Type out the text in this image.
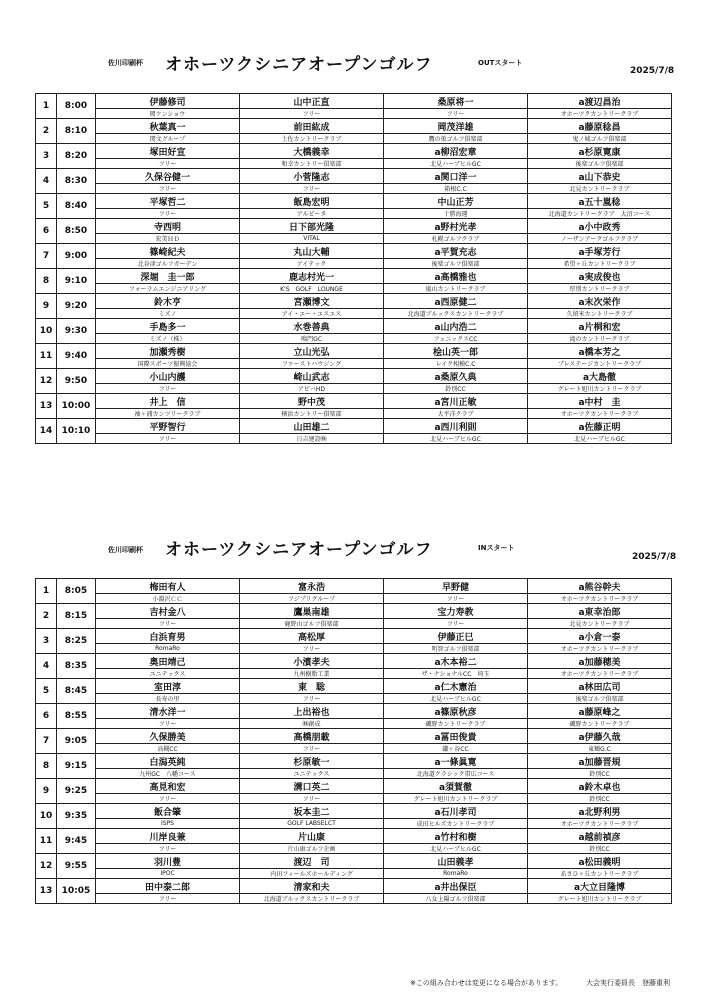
佐川印刷杯 オホーツクシニアオープンゴルフ	OUTスタート
2025/7/8
1	8:00	伊藤修司	山中正直	桑原将一	a渡辺昌治
		岡ケンショウ	フリー	フリー	オホーツクカントリークラブ
2	8:10	秋葉真一	前田紘成	岡茂洋雄	a藤原稔昌
		関文グループ	土佐カントリークラブ	鷹の巣ゴルフ倶楽部	鬼ノ城ゴルフ倶楽部
3	8:20	塚田好宣	大橋義幸	a柳沼宏章	a杉原寛康
		フリー	和幸カントリー倶楽部	北見ハーブヒルGC	後楽ゴルフ倶楽部
4	8:30	久保谷健一	小菅隆志	a関口洋一	a山下恭史
		フリー	フリー	箱根C.C	北見カントリークラブ
5	8:40	平塚哲二	飯島宏明	中山正芳	a五十嵐稔
		フリー	アルビータ	十勝海運	北海道カントリークラブ　大沼コース
6	8:50	寺西明	日下部光隆	a野村光孝	a小中政秀
		宏美ＨＤ	VITAL	札幌ゴルフクラブ	ノーザンアークゴルフクラブ
7	9:00	篠崎紀夫	丸山大輔	a平賀充志	a手塚芳行
		北谷津ゴルフガーデン	アイテック	後楽ゴルフ倶楽部	希望ヶ丘カントリークラブ
8	9:10	深堀　圭一郎	鹿志村光一	a高橋雅也	a実成俊也
		フォーラムエンジニアリング	K'S　GOLF　LOUNGE	嵐山カントリークラブ	厚別カントリークラブ
9	9:20	鈴木亨	宮瀬博文	a西原健二	a末次栄作
		ミズノ	アイ・エー・エスエス	北海道ブルックスカントリークラブ	久留米カントリークラブ
10	9:30	手島多一	水巻善典	a山内浩二	a片桐和宏
		ミズノ（株）	鳴門GC	フェニックスCC	滝のカントリークラブ
11	9:40	加瀬秀樹	立山光弘	桧山英一郎	a橋本芳之
		国際スポーツ振興協会	ファーストハウジング	レイク相模C.C	プレステージカントリークラブ
12	9:50	小山内護	崎山武志	a桑原久典	a大島徹
		フリー	アビバHD	鈴別CC	グレート旭川カントリークラブ
13	10:00	井上　信	野中茂	a宮川正敏	a中村　圭
		袖ヶ浦カンツリークラブ	横浜カントリー倶楽部	大平洋クラブ	オホーツクカントリークラブ
14	10:10	平野智行	山田雄二	a西川利則	a佐藤正明
		フリー	日吉建設㈱	北見ハーブヒルGC	北見ハーブヒルGC
佐川印刷杯 オホーツクシニアオープンゴルフ	INスタート
2025/7/8
1	8:05	梅田有人	富永浩	早野健	a熊谷幹夫
		小淵沢ＣＣ	フジプリグループ	フリー	オホーツクカントリークラブ
2	8:15	吉村金八	鷹巣南雄	宝力寿教	a東幸治郎
		フリー	鹿野山ゴルフ倶楽部	フリー	北見カントリークラブ
3	8:25	白浜育男	高松厚	伊藤正巳	a小倉一泰
		RomaRo	フリー	明智ゴルフ倶楽部	オホーツクカントリークラブ
4	8:35	奥田靖己	小濱孝夫	a木本裕二	a加藤穂美
		ユニテックス	九州樹脂工業	ザ・ナショナルCC　埼玉	オホーツクカントリークラブ
5	8:45	室田淳	東　聡	a仁木憲治	a林田広司
		長寿の里	フリー	北見ハーブヒルGC	後楽ゴルフ倶楽部
6	8:55	清水洋一	上出裕也	a篠原秋彦	a藤原峰之
		フリー	㈱創成	磯野カントリークラブ	磯野カントリークラブ
7	9:05	久保勝美	高橋朋載	a冨田俊貴	a伊藤久哉
		高槻CC	フリー	鎌ヶ谷CC	東鶴G.C
8	9:15	白潟英純	杉原敏一	a一條眞寛	a加藤晋規
		九州GC　八幡コース	ユニテックス	北海道クラシック帯広コース	鈴別CC
9	9:25	高見和宏	溝口英二	a須賀徹	a鈴木卓也
		フリー	フリー	グレート旭川カントリークラブ	鈴別CC
10	9:35	飯合肇	坂本圭二	a石川孝司	a北野利男
		ISPS	GOLF LABSELCT	成田ヒルズカントリークラブ	オホーツクカントリークラブ
11	9:45	川岸良兼	片山康	a竹村和樹	a越前禎彦
		フリー	片山康ゴルフ企画	北見ハーブヒルGC	鈴別CC
12	9:55	羽川豊	渡辺　司	山田義孝	a松田義明
		IPOC	内田フィールズホールディング	RomaRo	あさひヶ丘カントリークラブ
13	10:05	田中泰二郎	清家和夫	a井出保臣	a大立目隆博
		フリー	北海道ブルックスカントリークラブ	八女上陽ゴルフ倶楽部	グレート旭川カントリークラブ
※この組み合わせは変更になる場合があります。	大会実行委員長　登藤重利
